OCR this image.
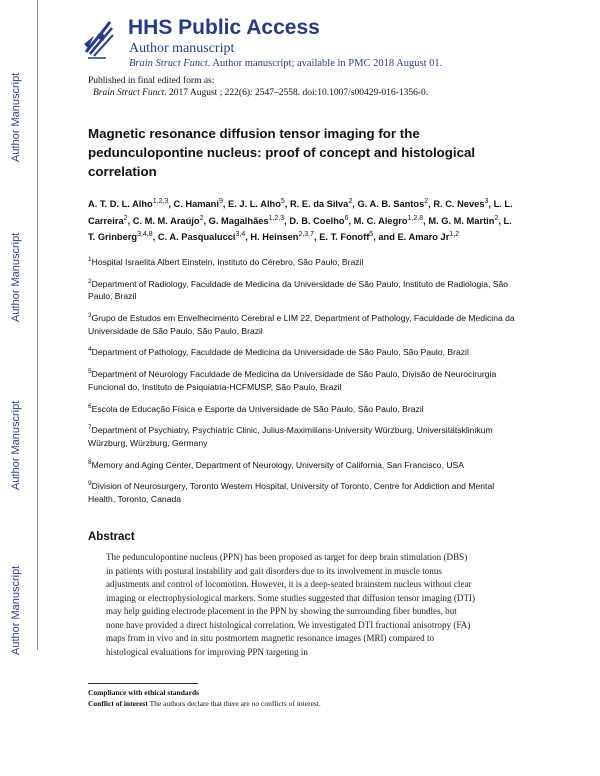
Author Manuscript
Author Manuscript
Author Manuscript
Author Manuscript
HHS Public Access
Author manuscript
Brain Struct Funct. Author manuscript; available in PMC 2018 August 01.
Published in final edited form as:
Brain Struct Funct. 2017 August ; 222(6): 2547–2558. doi:10.1007/s00429-016-1356-0.
Magnetic resonance diffusion tensor imaging for the pedunculopontine nucleus: proof of concept and histological correlation
A. T. D. L. Alho$^{1,2,3}$, C. Hamani$^9$, E. J. L. Alho$^5$, R. E. da Silva$^2$, G. A. B. Santos$^2$, R. C. Neves$^3$, L. L. Carreira$^2$, C. M. M. Araújo$^2$, G. Magalhães$^{1,2,3}$, D. B. Coelho$^6$, M. C. Alegro$^{1,2,8}$, M. G. M. Martin$^2$, L. T. Grinberg$^{3,4,8}$, C. A. Pasqualucci$^{3,4}$, H. Heinsen$^{2,3,7}$, E. T. Fonoff$^5$, and E. Amaro Jr$^{1,2}$
$^1$Hospital Israelita Albert Einstein, Instituto do Cérebro, São Paulo, Brazil
$^2$Department of Radiology, Faculdade de Medicina da Universidade de São Paulo, Instituto de Radiologia, São Paulo, Brazil
$^3$Grupo de Estudos em Envelhecimento Cerebral e LIM 22, Department of Pathology, Faculdade de Medicina da Universidade de São Paulo, São Paulo, Brazil
$^4$Department of Pathology, Faculdade de Medicina da Universidade de São Paulo, São Paulo, Brazil
$^5$Department of Neurology Faculdade de Medicina da Universidade de São Paulo, Divisão de Neurocirurgia Funcional do, Instituto de Psiquiatria-HCFMUSP, São Paulo, Brazil
$^6$Escola de Educação Física e Esporte da Universidade de São Paulo, São Paulo, Brazil
$^7$Department of Psychiatry, Psychiatric Clinic, Julius-Maximilians-University Würzburg, Universitätsklinikum Würzburg, Würzburg, Germany
$^8$Memory and Aging Center, Department of Neurology, University of California, San Francisco, USA
$^9$Division of Neurosurgery, Toronto Western Hospital, University of Toronto, Centre for Addiction and Mental Health, Toronto, Canada
Abstract
The pedunculopontine nucleus (PPN) has been proposed as target for deep brain stimulation (DBS) in patients with postural instability and gait disorders due to its involvement in muscle tonus adjustments and control of locomotion. However, it is a deep-seated brainstem nucleus without clear imaging or electrophysiological markers. Some studies suggested that diffusion tensor imaging (DTI) may help guiding electrode placement in the PPN by showing the surrounding fiber bundles, but none have provided a direct histological correlation. We investigated DTI fractional anisotropy (FA) maps from in vivo and in situ postmortem magnetic resonance images (MRI) compared to histological evaluations for improving PPN targeting in
Compliance with ethical standards
Conflict of interest The authors declare that there are no conflicts of interest.
